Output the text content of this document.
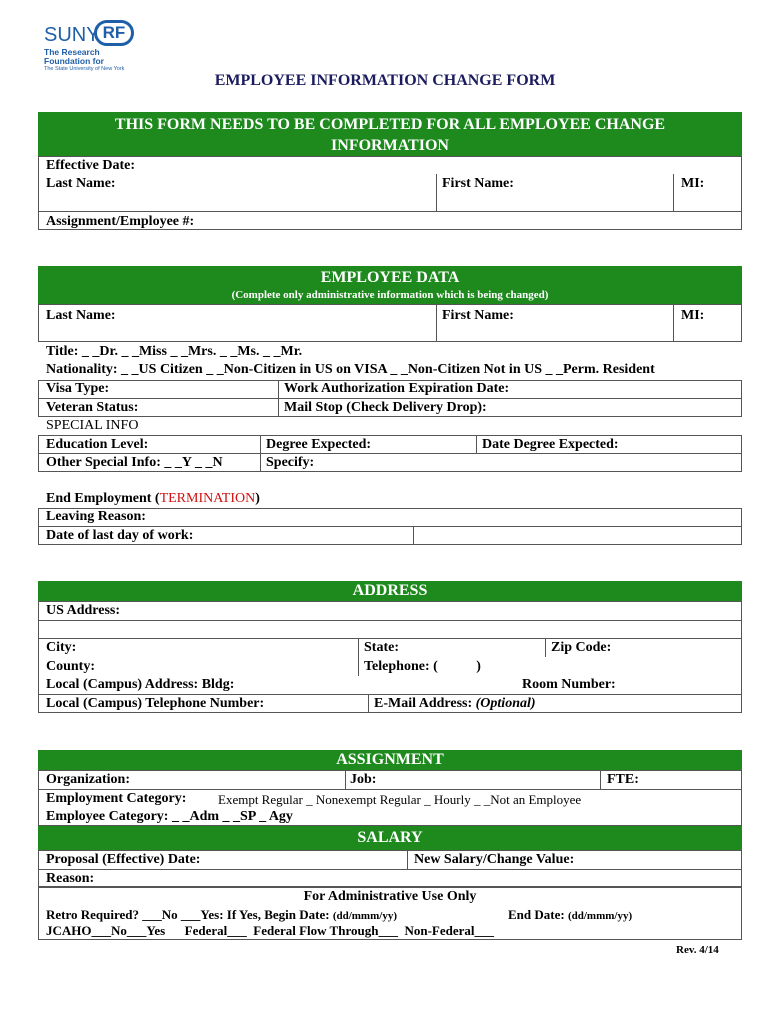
SUNY RF
The Research
Foundation for
The State University of New York
EMPLOYEE INFORMATION CHANGE FORM
THIS FORM NEEDS TO BE COMPLETED FOR ALL EMPLOYEE CHANGE
INFORMATION
Effective Date:
Last Name:	First Name:	MI:
Assignment/Employee #:
EMPLOYEE DATA
(Complete only administrative information which is being changed)
Last Name:	First Name:	MI:
Title: _ _Dr. _ _Miss _ _Mrs. _ _Ms. _ _Mr.
Nationality: _ _US Citizen _ _Non-Citizen in US on VISA _ _Non-Citizen Not in US _ _Perm. Resident
Visa Type:	Work Authorization Expiration Date:
Veteran Status:	Mail Stop (Check Delivery Drop):
SPECIAL INFO
Education Level:	Degree Expected:	Date Degree Expected:
Other Special Info: _ _Y _ _N	Specify:
End Employment (TERMINATION)
Leaving Reason:
Date of last day of work:
ADDRESS
US Address:
City:	State:	Zip Code:
County:	Telephone: (           )
Local (Campus) Address: Bldg:	Room Number:
Local (Campus) Telephone Number:	E-Mail Address: (Optional)
ASSIGNMENT
Organization:	Job:	FTE:
Employment Category: Exempt Regular _ Nonexempt Regular _ Hourly _ _Not an Employee
Employee Category: _ _Adm _ _SP _ Agy
SALARY
Proposal (Effective) Date:	New Salary/Change Value:
Reason:
For Administrative Use Only
Retro Required? ___No ___Yes: If Yes, Begin Date: (dd/mmm/yy)	End Date: (dd/mmm/yy)
JCAHO___No___Yes      Federal___  Federal Flow Through___  Non-Federal___
Rev. 4/14
